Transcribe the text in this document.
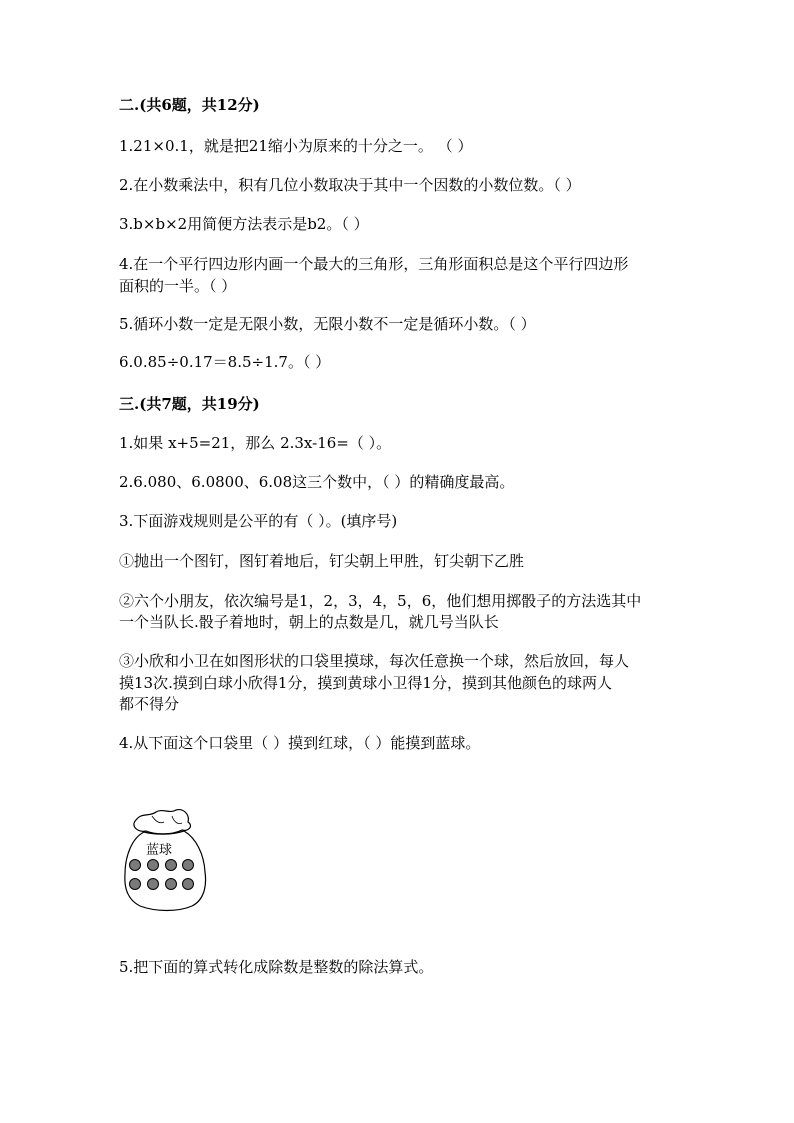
二.(共6题，共12分)
1.21×0.1，就是把21缩小为原来的十分之一。 （ ）
2.在小数乘法中，积有几位小数取决于其中一个因数的小数位数。（ ）
3.b×b×2用简便方法表示是b2。（ ）
4.在一个平行四边形内画一个最大的三角形，三角形面积总是这个平行四边形
面积的一半。（ ）
5.循环小数一定是无限小数，无限小数不一定是循环小数。（ ）
6.0.85÷0.17＝8.5÷1.7。（ ）
三.(共7题，共19分)
1.如果 x+5=21，那么 2.3x-16=（ ）。
2.6.080、6.0800、6.08这三个数中，（ ）的精确度最高。
3.下面游戏规则是公平的有（ ）。(填序号)
①抛出一个图钉，图钉着地后，钉尖朝上甲胜，钉尖朝下乙胜
②六个小朋友，依次编号是1，2，3，4，5，6，他们想用掷骰子的方法选其中
一个当队长.骰子着地时，朝上的点数是几，就几号当队长
③小欣和小卫在如图形状的口袋里摸球，每次任意换一个球，然后放回，每人
摸13次.摸到白球小欣得1分，摸到黄球小卫得1分，摸到其他颜色的球两人
都不得分
4.从下面这个口袋里（ ）摸到红球，（ ）能摸到蓝球。
蓝球
5.把下面的算式转化成除数是整数的除法算式。
